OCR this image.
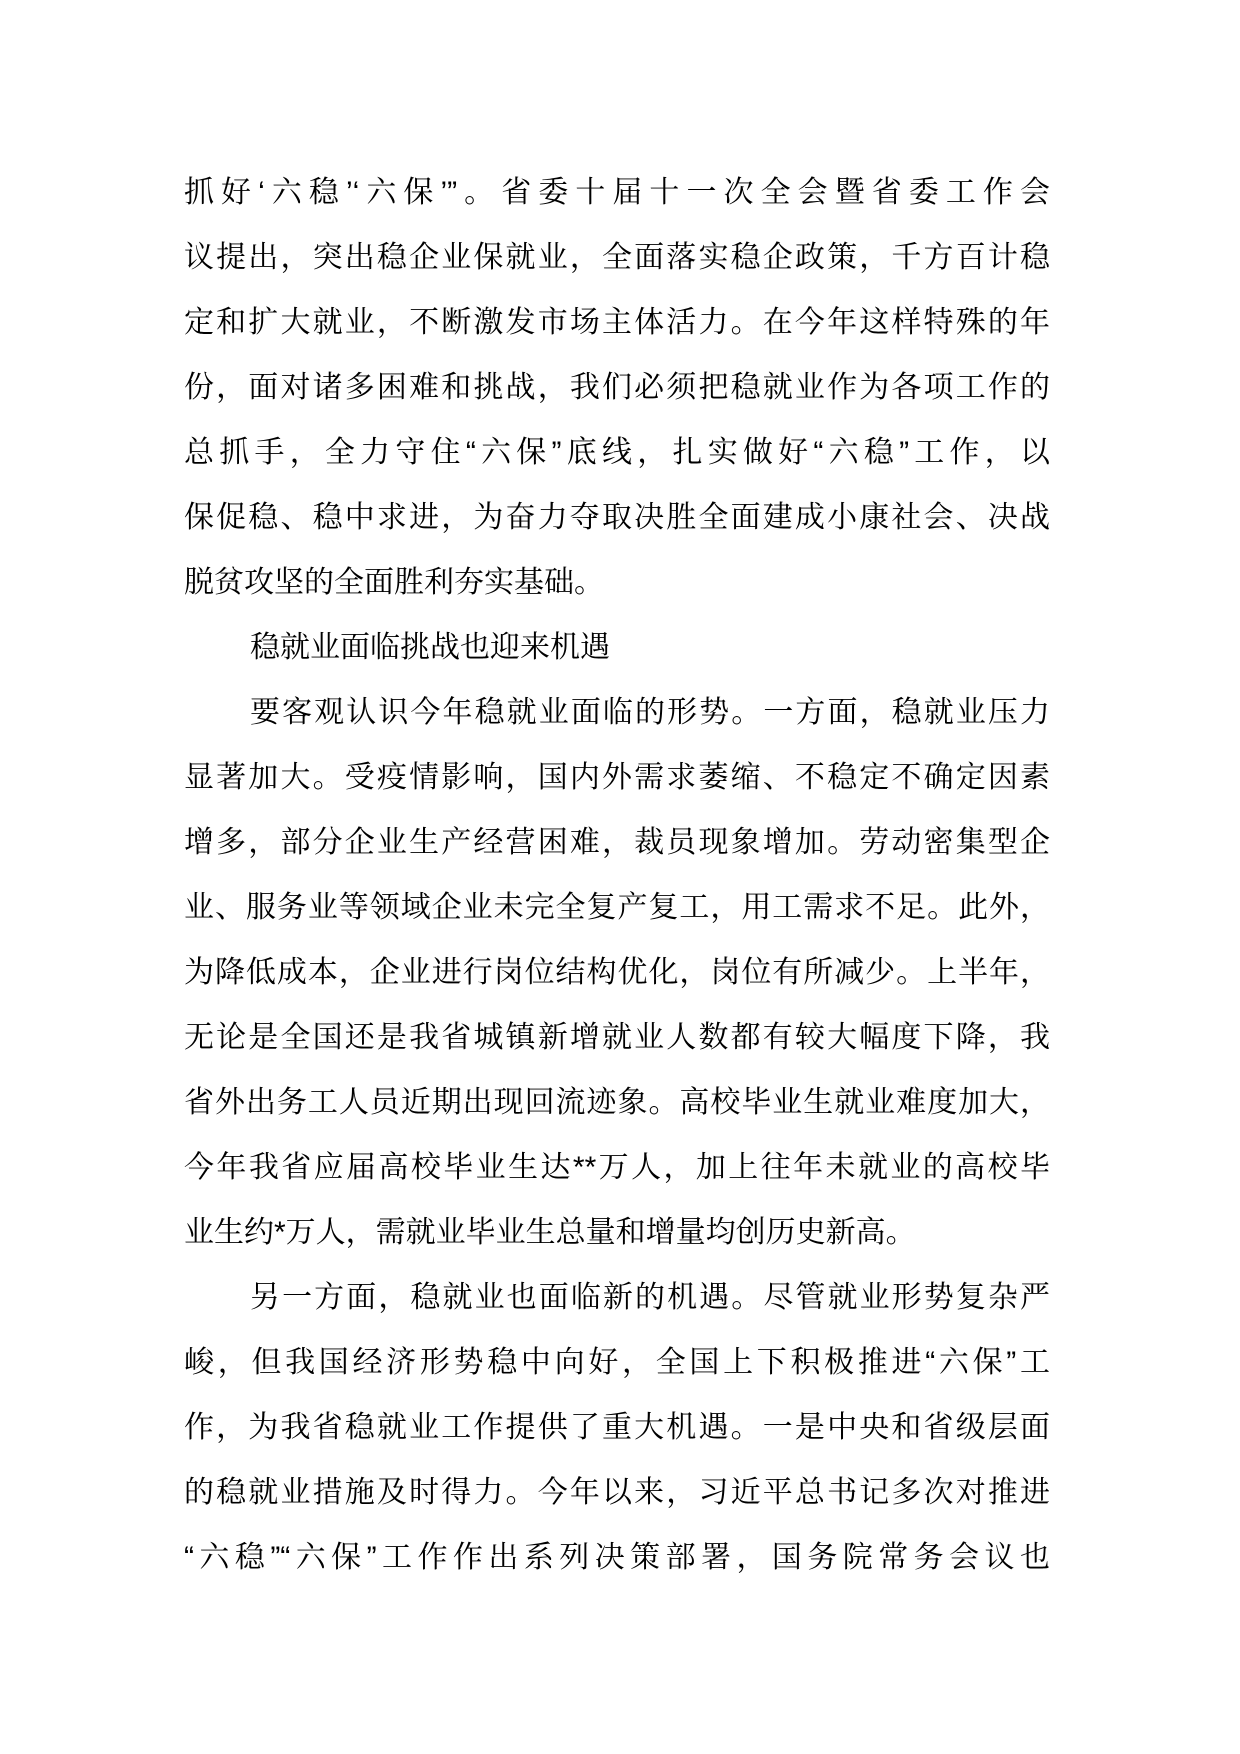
抓好‘六稳’‘六保’”。省委十届十一次全会暨省委工作会
议提出，突出稳企业保就业，全面落实稳企政策，千方百计稳
定和扩大就业，不断激发市场主体活力。在今年这样特殊的年
份，面对诸多困难和挑战，我们必须把稳就业作为各项工作的
总抓手，全力守住“六保”底线，扎实做好“六稳”工作，以
保促稳、稳中求进，为奋力夺取决胜全面建成小康社会、决战
脱贫攻坚的全面胜利夯实基础。
稳就业面临挑战也迎来机遇
要客观认识今年稳就业面临的形势。一方面，稳就业压力
显著加大。受疫情影响，国内外需求萎缩、不稳定不确定因素
增多，部分企业生产经营困难，裁员现象增加。劳动密集型企
业、服务业等领域企业未完全复产复工，用工需求不足。此外，
为降低成本，企业进行岗位结构优化，岗位有所减少。上半年，
无论是全国还是我省城镇新增就业人数都有较大幅度下降，我
省外出务工人员近期出现回流迹象。高校毕业生就业难度加大，
今年我省应届高校毕业生达**万人，加上往年未就业的高校毕
业生约*万人，需就业毕业生总量和增量均创历史新高。
另一方面，稳就业也面临新的机遇。尽管就业形势复杂严
峻，但我国经济形势稳中向好，全国上下积极推进“六保”工
作，为我省稳就业工作提供了重大机遇。一是中央和省级层面
的稳就业措施及时得力。今年以来，习近平总书记多次对推进
“六稳”“六保”工作作出系列决策部署，国务院常务会议也
